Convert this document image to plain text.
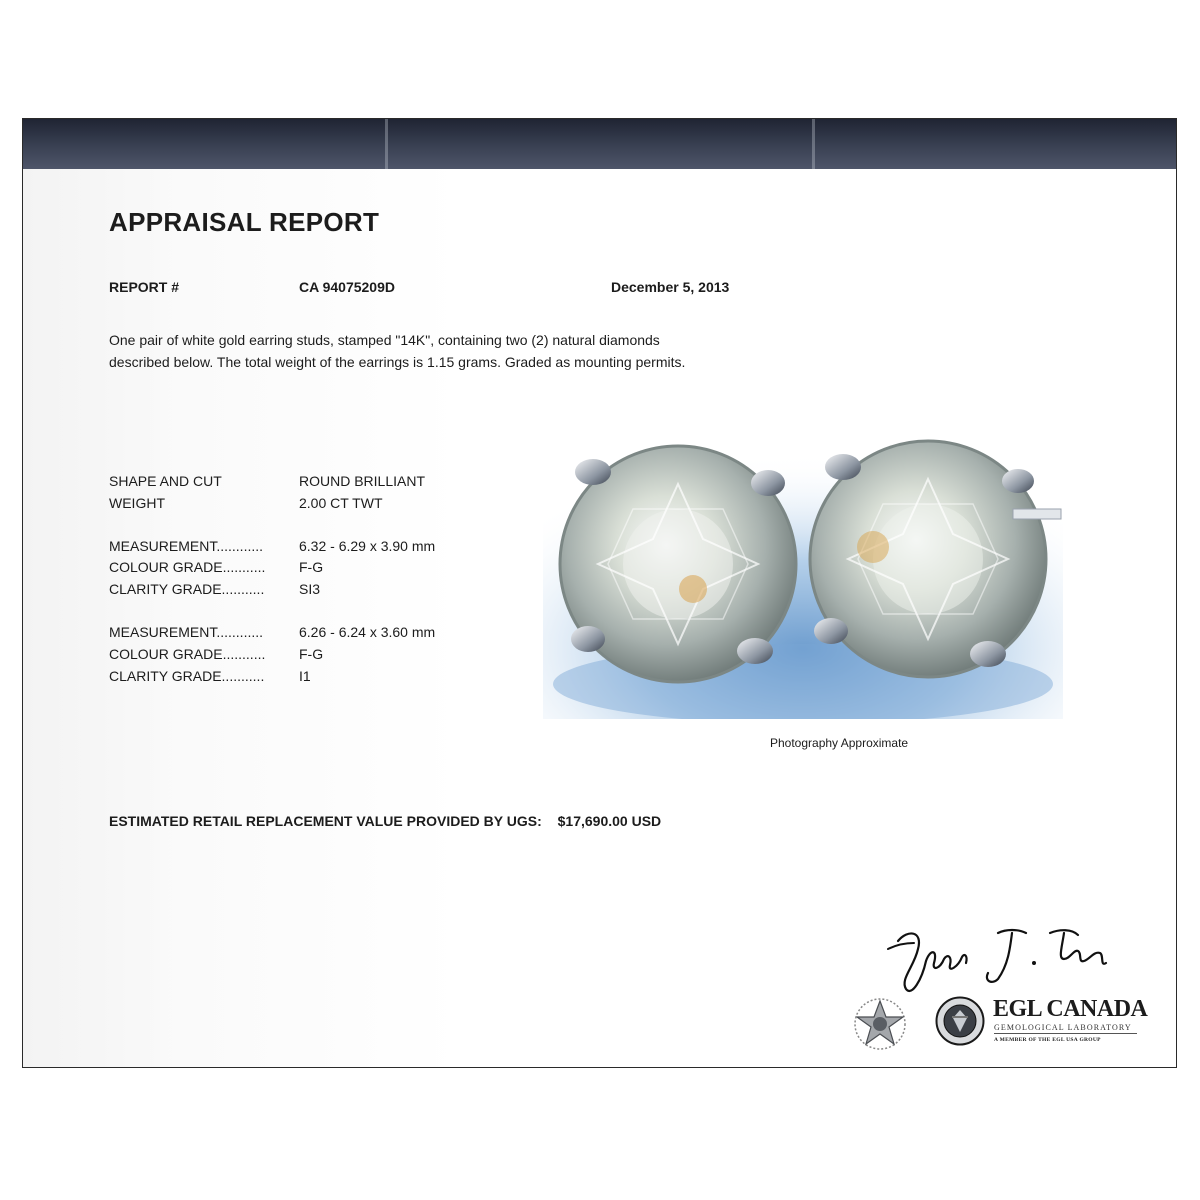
APPRAISAL REPORT
REPORT #	CA 94075209D	December 5, 2013
One pair of white gold earring studs, stamped "14K", containing two (2) natural diamonds
described below. The total weight of the earrings is 1.15 grams. Graded as mounting permits.
SHAPE AND CUT	ROUND BRILLIANT
WEIGHT	2.00 CT TWT
MEASUREMENT............	6.32 - 6.29 x 3.90 mm
COLOUR GRADE........... F-G
CLARITY GRADE........... SI3
MEASUREMENT............	6.26 - 6.24 x 3.60 mm
COLOUR GRADE........... F-G
CLARITY GRADE........... I1
Photography Approximate
ESTIMATED RETAIL REPLACEMENT VALUE PROVIDED BY UGS: $17,690.00 USD
EGL CANADA
GEMOLOGICAL LABORATORY
A MEMBER OF THE EGL USA GROUP
